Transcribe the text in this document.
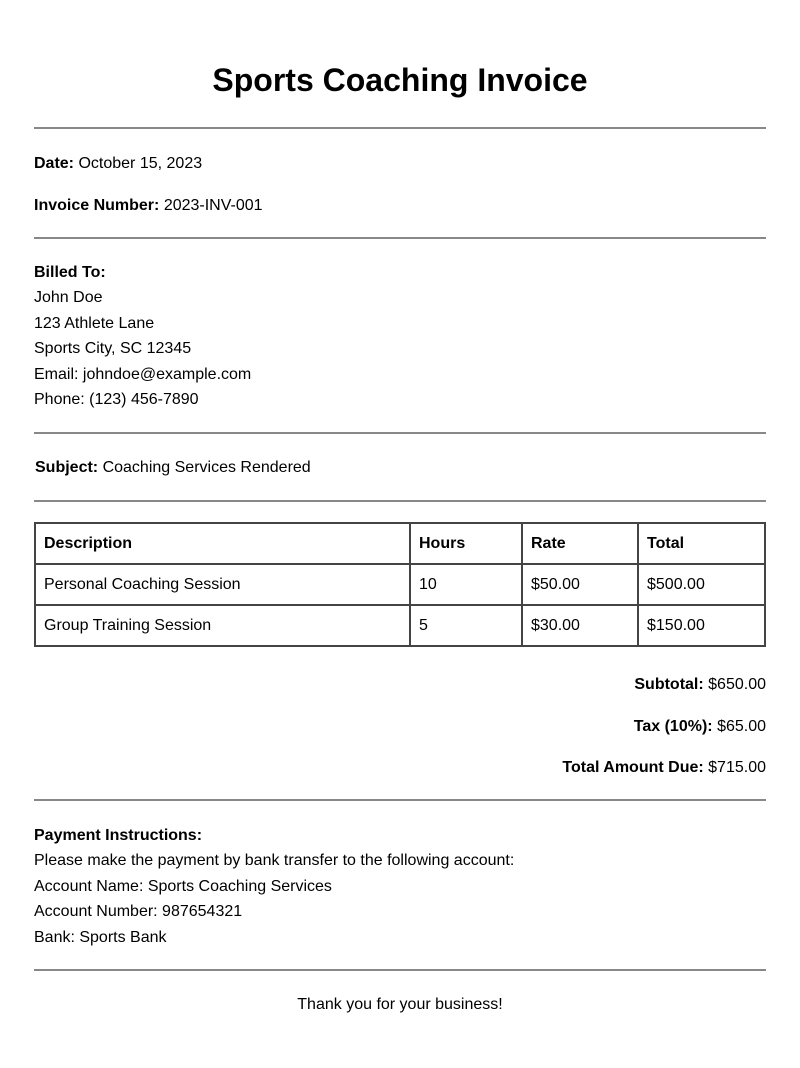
Sports Coaching Invoice
Date: October 15, 2023
Invoice Number: 2023-INV-001
Billed To:
John Doe
123 Athlete Lane
Sports City, SC 12345
Email: johndoe@example.com
Phone: (123) 456-7890
Subject: Coaching Services Rendered
Description	Hours	Rate	Total
Personal Coaching Session	10	$50.00	$500.00
Group Training Session	5	$30.00	$150.00
Subtotal: $650.00
Tax (10%): $65.00
Total Amount Due: $715.00
Payment Instructions:
Please make the payment by bank transfer to the following account:
Account Name: Sports Coaching Services
Account Number: 987654321
Bank: Sports Bank
Thank you for your business!
